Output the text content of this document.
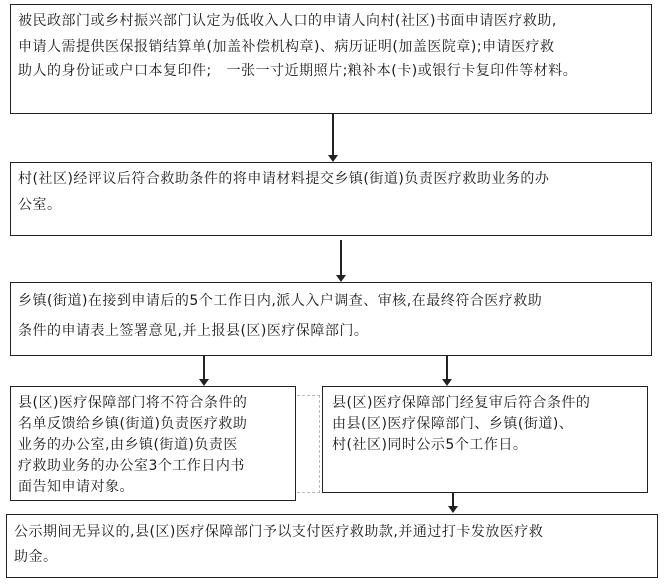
被民政部门或乡村振兴部门认定为低收入人口的申请人向村(社区)书面申请医疗救助,
申请人需提供医保报销结算单(加盖补偿机构章)、病历证明(加盖医院章);申请医疗救
助人的身份证或户口本复印件;   一张一寸近期照片;粮补本(卡)或银行卡复印件等材料。
村(社区)经评议后符合救助条件的将申请材料提交乡镇(街道)负责医疗救助业务的办
公室。
乡镇(街道)在接到申请后的5个工作日内,派人入户调查、审核,在最终符合医疗救助
条件的申请表上签署意见,并上报县(区)医疗保障部门。
县(区)医疗保障部门将不符合条件的
名单反馈给乡镇(街道)负责医疗救助
业务的办公室,由乡镇(街道)负责医
疗救助业务的办公室3个工作日内书
面告知申请对象。
县(区)医疗保障部门经复审后符合条件的
由县(区)医疗保障部门、乡镇(街道)、
村(社区)同时公示5个工作日。
公示期间无异议的,县(区)医疗保障部门予以支付医疗救助款,并通过打卡发放医疗救
助金。
